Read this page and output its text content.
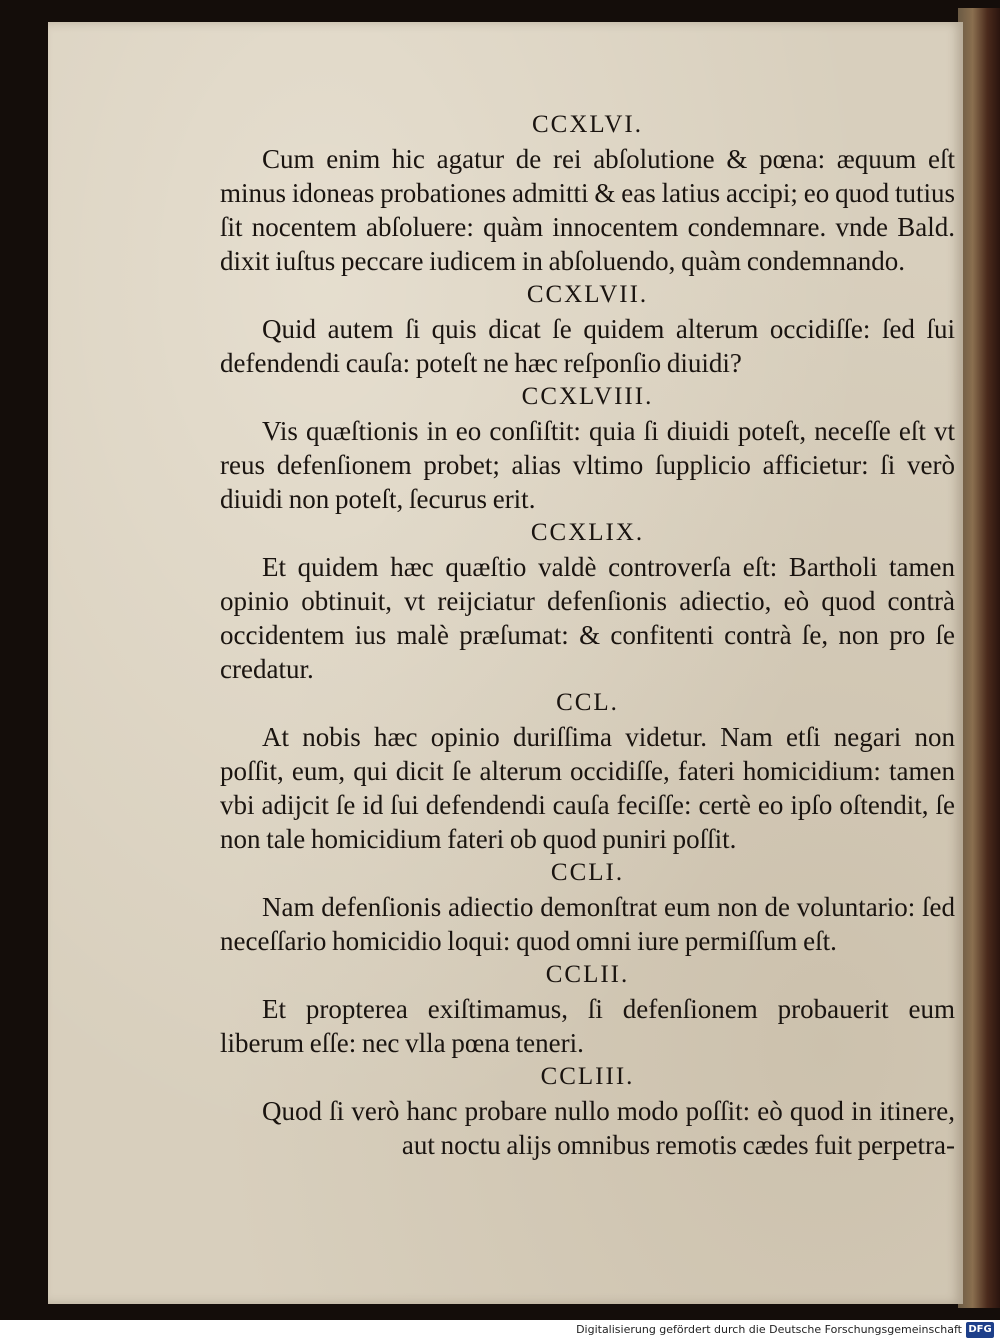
CCXLVI.

Cum enim hic agatur de rei abſolutione & pœna: æquum eſt minus idoneas probationes admitti & eas latius accipi; eo quod tutius ſit nocentem abſoluere: quàm innocentem condemnare. vnde Bald. dixit iuſtus peccare iudicem in abſoluendo, quàm condemnando.

CCXLVII.

Quid autem ſi quis dicat ſe quidem alterum occidiſſe: ſed ſui defendendi cauſa: poteſt ne hæc reſponſio diuidi?

CCXLVIII.

Vis quæſtionis in eo conſiſtit: quia ſi diuidi poteſt, neceſſe eſt vt reus defenſionem probet; alias vltimo ſupplicio afficietur: ſi verò diuidi non poteſt, ſecurus erit.

CCXLIX.

Et quidem hæc quæſtio valdè controverſa eſt: Bartholi tamen opinio obtinuit, vt reijciatur defenſionis adiectio, eò quod contrà occidentem ius malè præſumat: & confitenti contrà ſe, non pro ſe credatur.

CCL.

At nobis hæc opinio duriſſima videtur. Nam etſi negari non poſſit, eum, qui dicit ſe alterum occidiſſe, fateri homicidium: tamen vbi adijcit ſe id ſui defendendi cauſa feciſſe: certè eo ipſo oſtendit, ſe non tale homicidium fateri ob quod puniri poſſit.

CCLI.

Nam defenſionis adiectio demonſtrat eum non de voluntario: ſed neceſſario homicidio loqui: quod omni iure permiſſum eſt.

CCLII.

Et propterea exiſtimamus, ſi defenſionem probauerit eum liberum eſſe: nec vlla pœna teneri.

CCLIII.

Quod ſi verò hanc probare nullo modo poſſit: eò quod in itinere, aut noctu alijs omnibus remotis cædes fuit perpetra-

Digitalisierung gefördert durch die Deutsche Forschungsgemeinschaft DFG
